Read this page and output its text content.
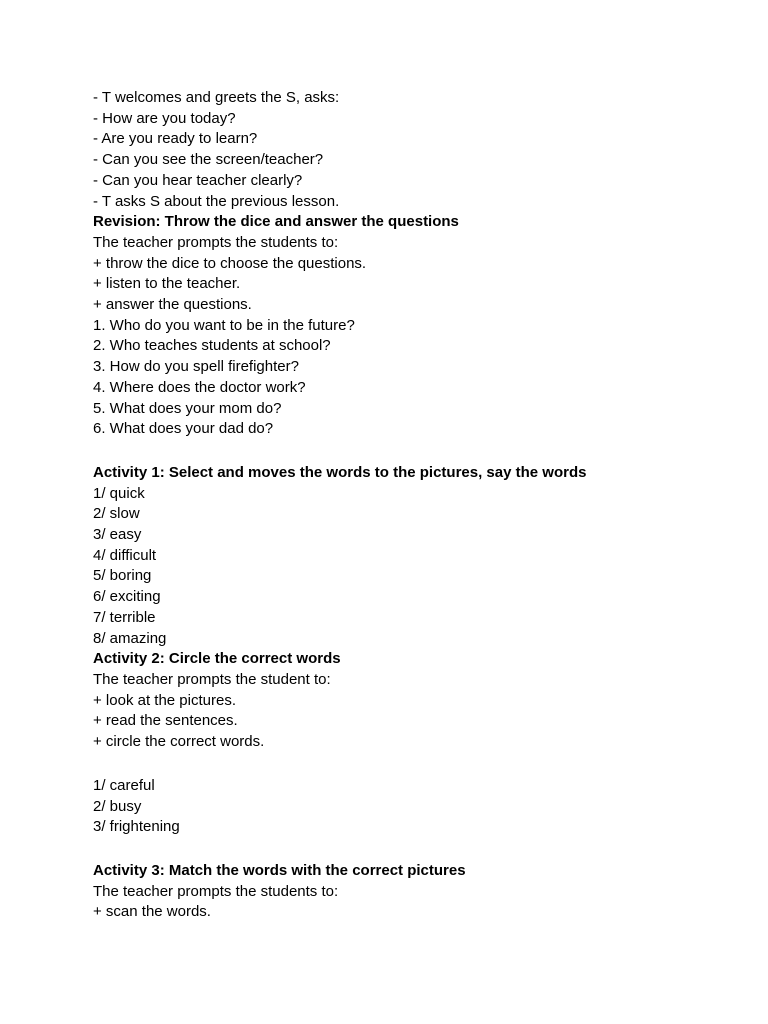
- T welcomes and greets the S, asks:
- How are you today?
- Are you ready to learn?
- Can you see the screen/teacher?
- Can you hear teacher clearly?
- T asks S about the previous lesson.
Revision: Throw the dice and answer the questions
The teacher prompts the students to:
+ throw the dice to choose the questions.
+ listen to the teacher.
+ answer the questions.
1. Who do you want to be in the future?
2. Who teaches students at school?
3. How do you spell firefighter?
4. Where does the doctor work?
5. What does your mom do?
6. What does your dad do?
Activity 1: Select and moves the words to the pictures, say the words
1/ quick
2/ slow
3/ easy
4/ difficult
5/ boring
6/ exciting
7/ terrible
8/ amazing
Activity 2: Circle the correct words
The teacher prompts the student to:
+ look at the pictures.
+ read the sentences.
+ circle the correct words.
1/ careful
2/ busy
3/ frightening
Activity 3: Match the words with the correct pictures
The teacher prompts the students to:
+ scan the words.
